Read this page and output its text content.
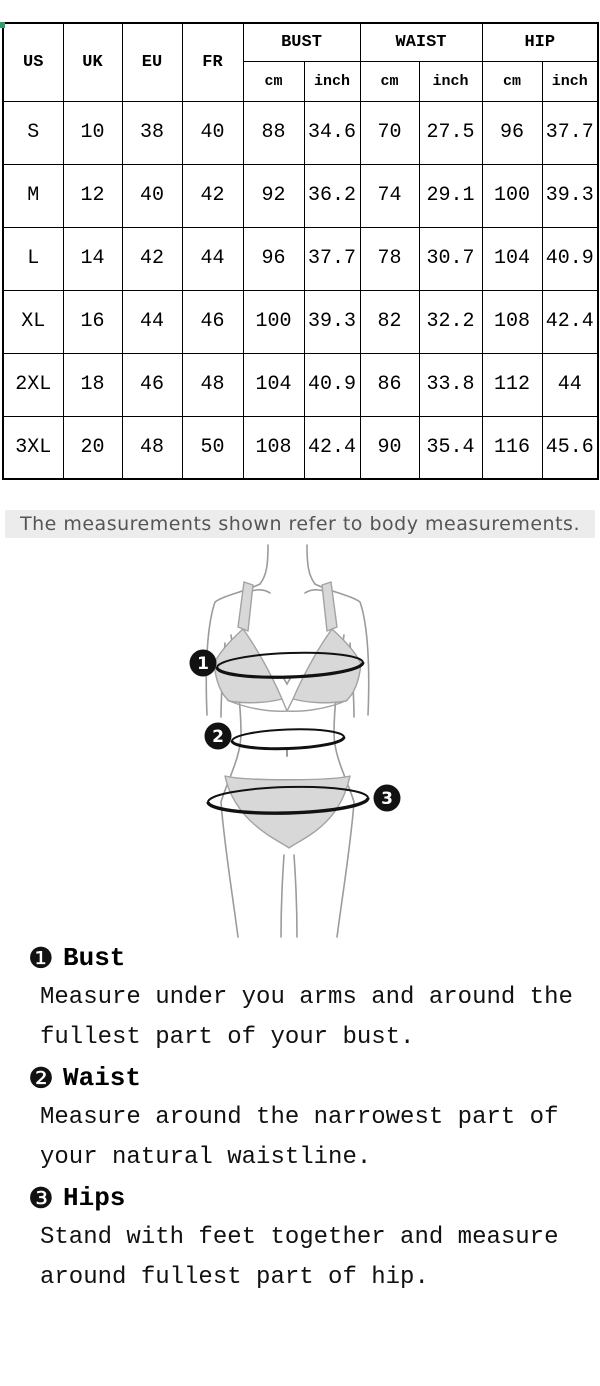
US	UK	EU	FR	BUST		WAIST		HIP	
				cm	inch	cm	inch	cm	inch
S	10	38	40	88	34.6	70	27.5	96	37.7
M	12	40	42	92	36.2	74	29.1	100	39.3
L	14	42	44	96	37.7	78	30.7	104	40.9
XL	16	44	46	100	39.3	82	32.2	108	42.4
2XL	18	46	48	104	40.9	86	33.8	112	44
3XL	20	48	50	108	42.4	90	35.4	116	45.6
The measurements shown refer to body measurements.
1
2
3
❶ Bust

Measure under you arms and around the fullest part of your bust.

❷ Waist

Measure around the narrowest part of your natural waistline.

❸ Hips

Stand with feet together and measure around fullest part of hip.
